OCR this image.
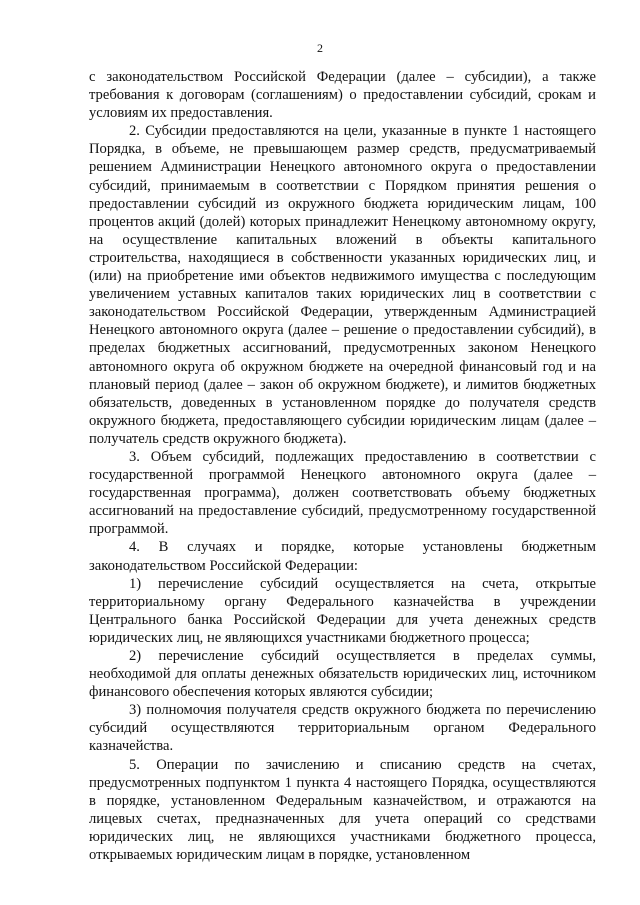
2

с законодательством Российской Федерации (далее – субсидии), а также требования к договорам (соглашениям) о предоставлении субсидий, срокам и условиям их предоставления.

2. Субсидии предоставляются на цели, указанные в пункте 1 настоящего Порядка, в объеме, не превышающем размер средств, предусматриваемый решением Администрации Ненецкого автономного округа о предоставлении субсидий, принимаемым в соответствии с Порядком принятия решения о предоставлении субсидий из окружного бюджета юридическим лицам, 100 процентов акций (долей) которых принадлежит Ненецкому автономному округу, на осуществление капитальных вложений в объекты капитального строительства, находящиеся в собственности указанных юридических лиц, и (или) на приобретение ими объектов недвижимого имущества с последующим увеличением уставных капиталов таких юридических лиц в соответствии с законодательством Российской Федерации, утвержденным Администрацией Ненецкого автономного округа (далее – решение о предоставлении субсидий), в пределах бюджетных ассигнований, предусмотренных законом Ненецкого автономного округа об окружном бюджете на очередной финансовый год и на плановый период (далее – закон об окружном бюджете), и лимитов бюджетных обязательств, доведенных в установленном порядке до получателя средств окружного бюджета, предоставляющего субсидии юридическим лицам (далее – получатель средств окружного бюджета).

3. Объем субсидий, подлежащих предоставлению в соответствии с государственной программой Ненецкого автономного округа (далее – государственная программа), должен соответствовать объему бюджетных ассигнований на предоставление субсидий, предусмотренному государственной программой.

4. В случаях и порядке, которые установлены бюджетным законодательством Российской Федерации:

1) перечисление субсидий осуществляется на счета, открытые территориальному органу Федерального казначейства в учреждении Центрального банка Российской Федерации для учета денежных средств юридических лиц, не являющихся участниками бюджетного процесса;

2) перечисление субсидий осуществляется в пределах суммы, необходимой для оплаты денежных обязательств юридических лиц, источником финансового обеспечения которых являются субсидии;

3) полномочия получателя средств окружного бюджета по перечислению субсидий осуществляются территориальным органом Федерального казначейства.

5. Операции по зачислению и списанию средств на счетах, предусмотренных подпунктом 1 пункта 4 настоящего Порядка, осуществляются в порядке, установленном Федеральным казначейством, и отражаются на лицевых счетах, предназначенных для учета операций со средствами юридических лиц, не являющихся участниками бюджетного процесса, открываемых юридическим лицам в порядке, установленном
